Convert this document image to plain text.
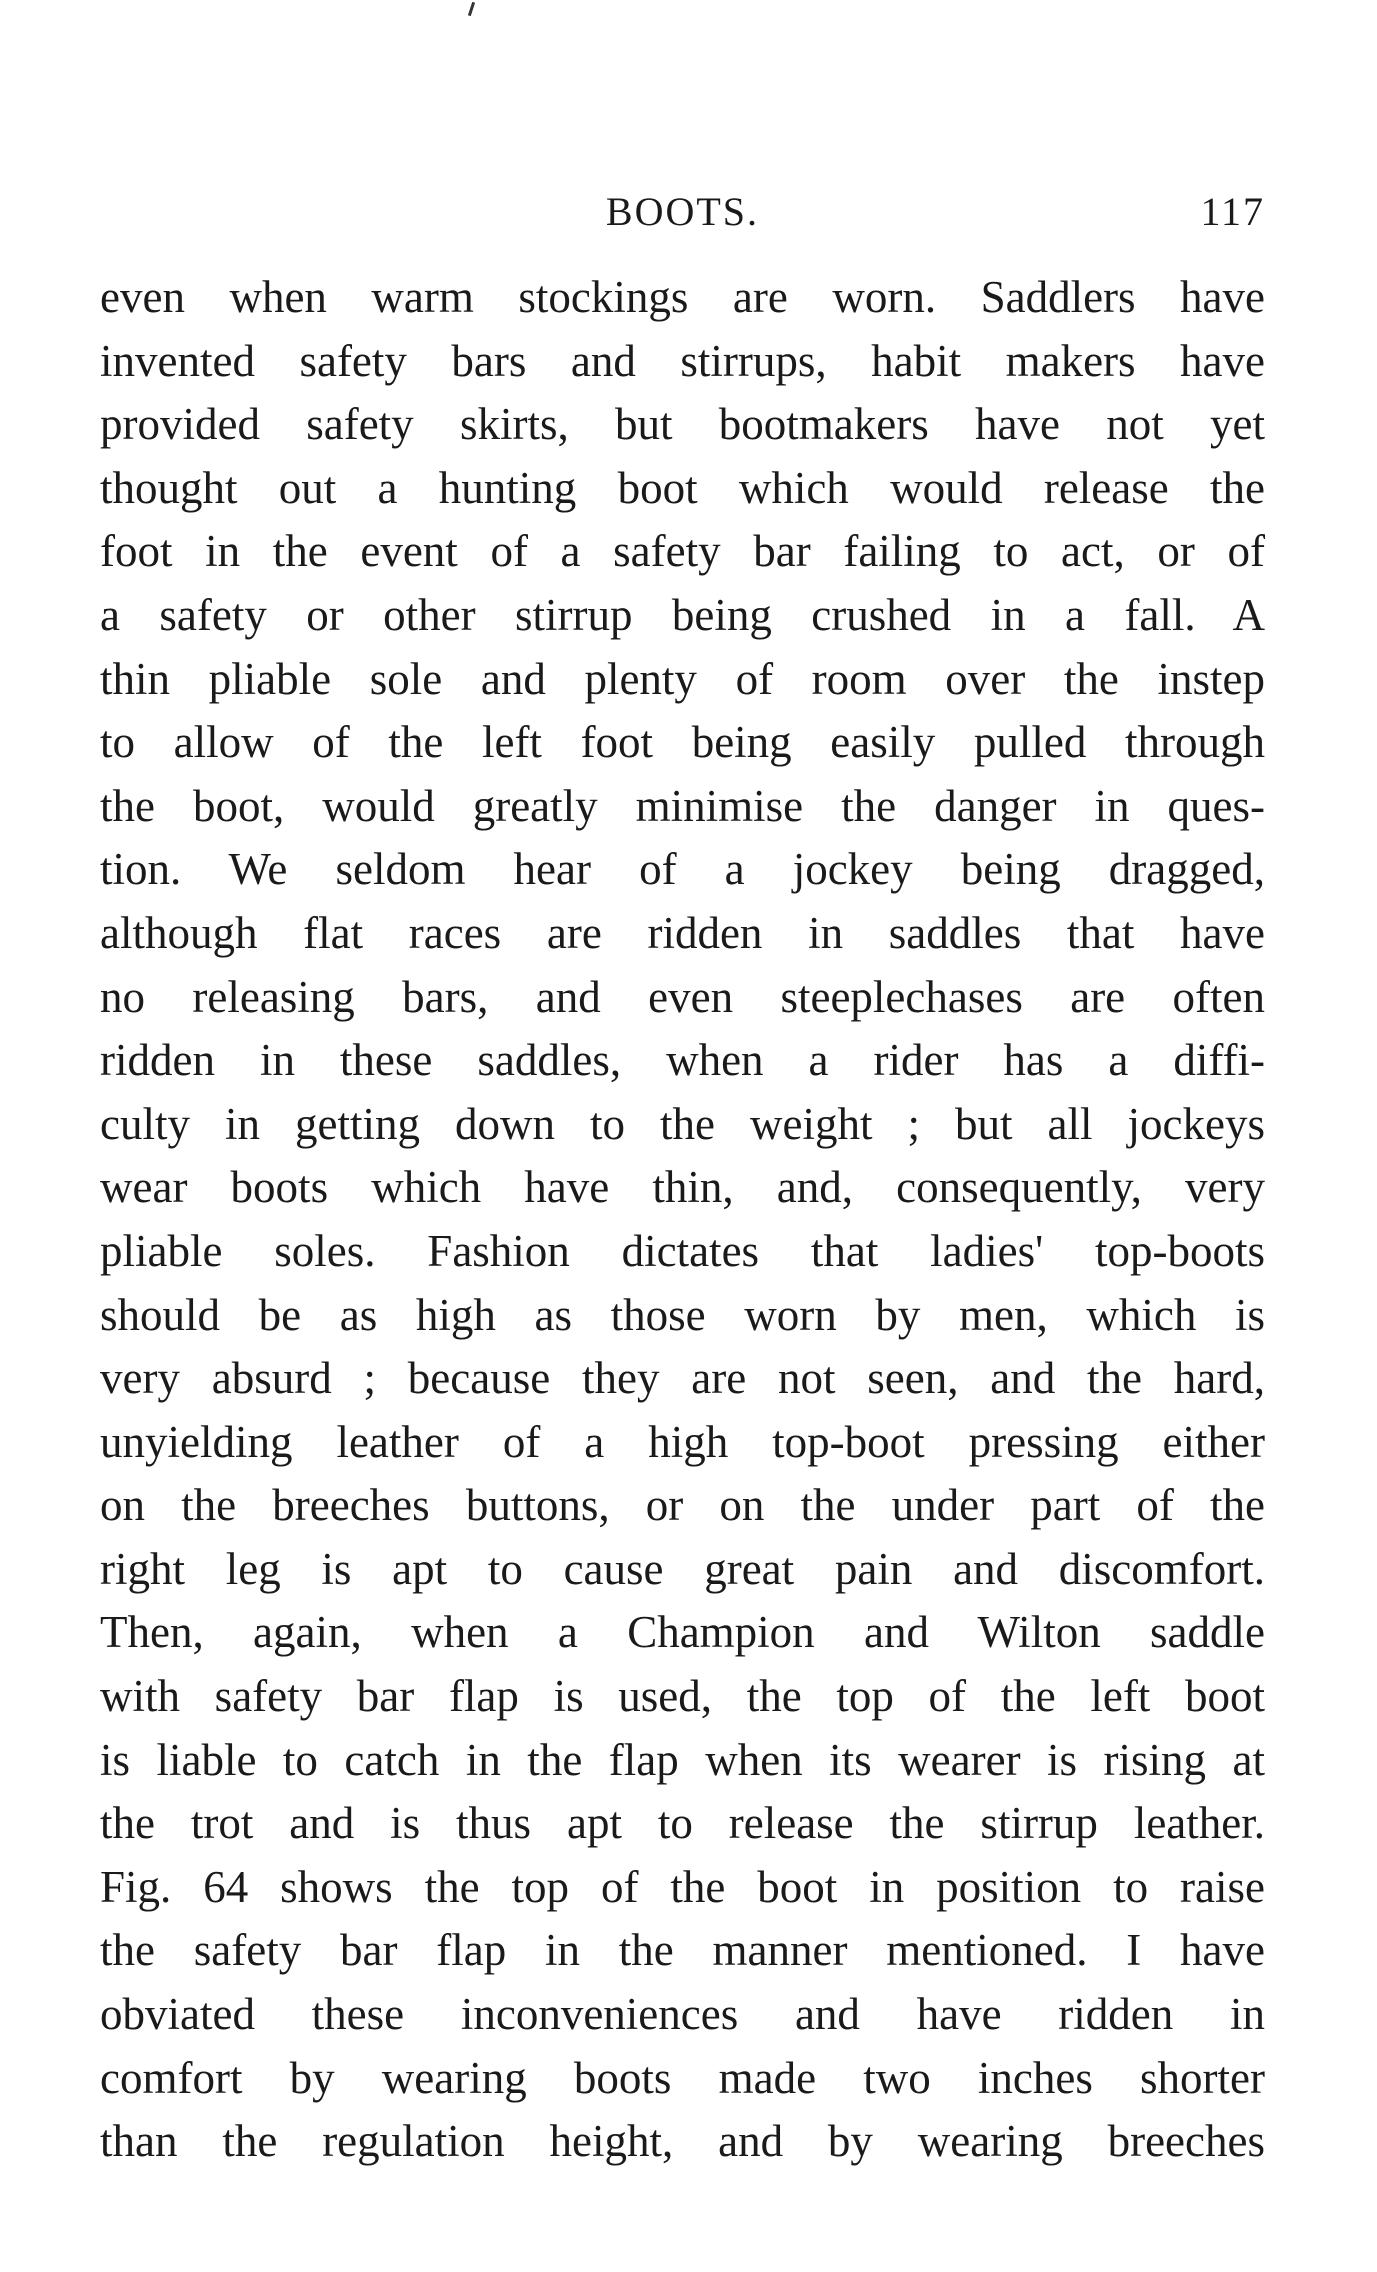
BOOTS.	117
even when warm stockings are worn. Saddlers have
invented safety bars and stirrups, habit makers have
provided safety skirts, but bootmakers have not yet
thought out a hunting boot which would release the
foot in the event of a safety bar failing to act, or of
a safety or other stirrup being crushed in a fall. A
thin pliable sole and plenty of room over the instep
to allow of the left foot being easily pulled through
the boot, would greatly minimise the danger in ques-
tion. We seldom hear of a jockey being dragged,
although flat races are ridden in saddles that have
no releasing bars, and even steeplechases are often
ridden in these saddles, when a rider has a diffi-
culty in getting down to the weight ; but all jockeys
wear boots which have thin, and, consequently, very
pliable soles. Fashion dictates that ladies' top-boots
should be as high as those worn by men, which is
very absurd ; because they are not seen, and the hard,
unyielding leather of a high top-boot pressing either
on the breeches buttons, or on the under part of the
right leg is apt to cause great pain and discomfort.
Then, again, when a Champion and Wilton saddle
with safety bar flap is used, the top of the left boot
is liable to catch in the flap when its wearer is rising at
the trot and is thus apt to release the stirrup leather.
Fig. 64 shows the top of the boot in position to raise
the safety bar flap in the manner mentioned. I have
obviated these inconveniences and have ridden in
comfort by wearing boots made two inches shorter
than the regulation height, and by wearing breeches
